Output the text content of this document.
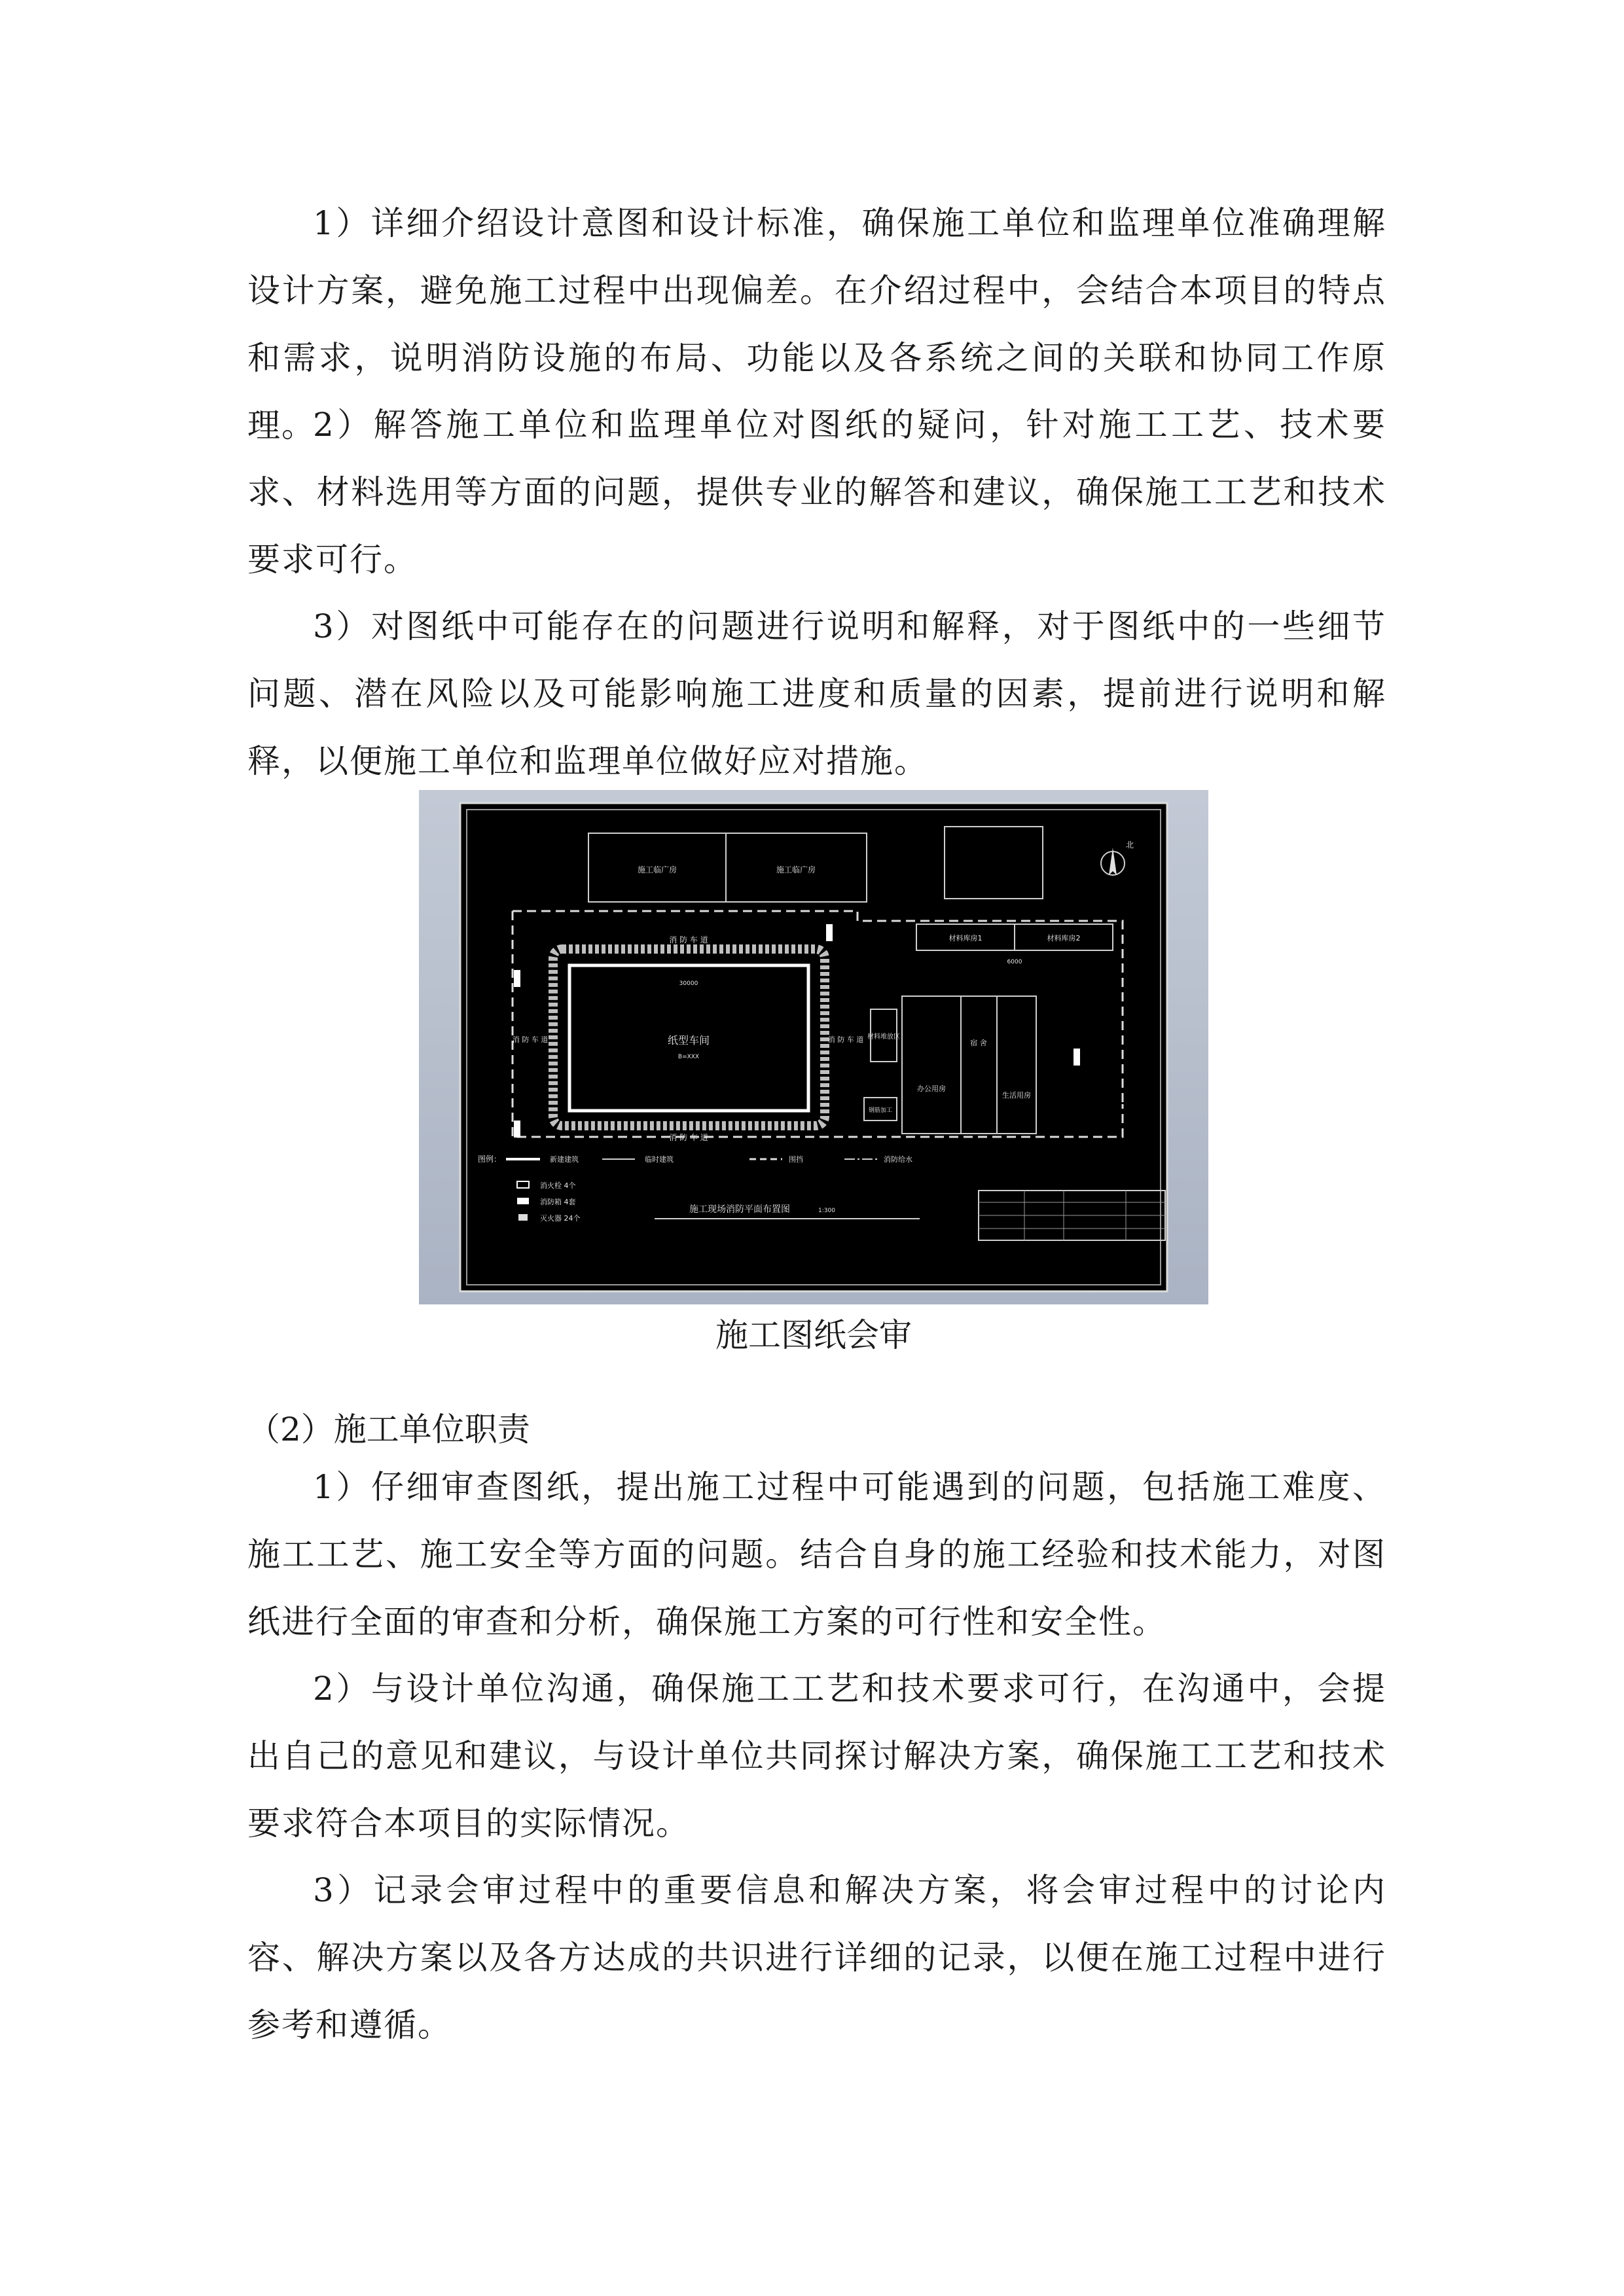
1）详细介绍设计意图和设计标准，确保施工单位和监理单位准确理解设计方案，避免施工过程中出现偏差。在介绍过程中，会结合本项目的特点和需求，说明消防设施的布局、功能以及各系统之间的关联和协同工作原理。

2）解答施工单位和监理单位对图纸的疑问，针对施工工艺、技术要求、材料选用等方面的问题，提供专业的解答和建议，确保施工工艺和技术要求可行。

3）对图纸中可能存在的问题进行说明和解释，对于图纸中的一些细节问题、潜在风险以及可能影响施工进度和质量的因素，提前进行说明和解释，以便施工单位和监理单位做好应对措施。

施工临广房	施工临广房
北
材料库房1	材料库房2
6000
消 防 车 道
消 防 车 道
消 防 车 道	消 防 车 道
30000
纸型车间
B=XXX
办公用房
宿 舍
生活用房
材料堆放区
钢筋加工
图例：	新建建筑	临时建筑	围挡	消防给水
消火栓 4个
消防箱 4套
灭火器 24个
施工现场消防平面布置图	1:300

施工图纸会审

（2）施工单位职责

1）仔细审查图纸，提出施工过程中可能遇到的问题，包括施工难度、施工工艺、施工安全等方面的问题。结合自身的施工经验和技术能力，对图纸进行全面的审查和分析，确保施工方案的可行性和安全性。

2）与设计单位沟通，确保施工工艺和技术要求可行，在沟通中，会提出自己的意见和建议，与设计单位共同探讨解决方案，确保施工工艺和技术要求符合本项目的实际情况。

3）记录会审过程中的重要信息和解决方案，将会审过程中的讨论内容、解决方案以及各方达成的共识进行详细的记录，以便在施工过程中进行参考和遵循。
